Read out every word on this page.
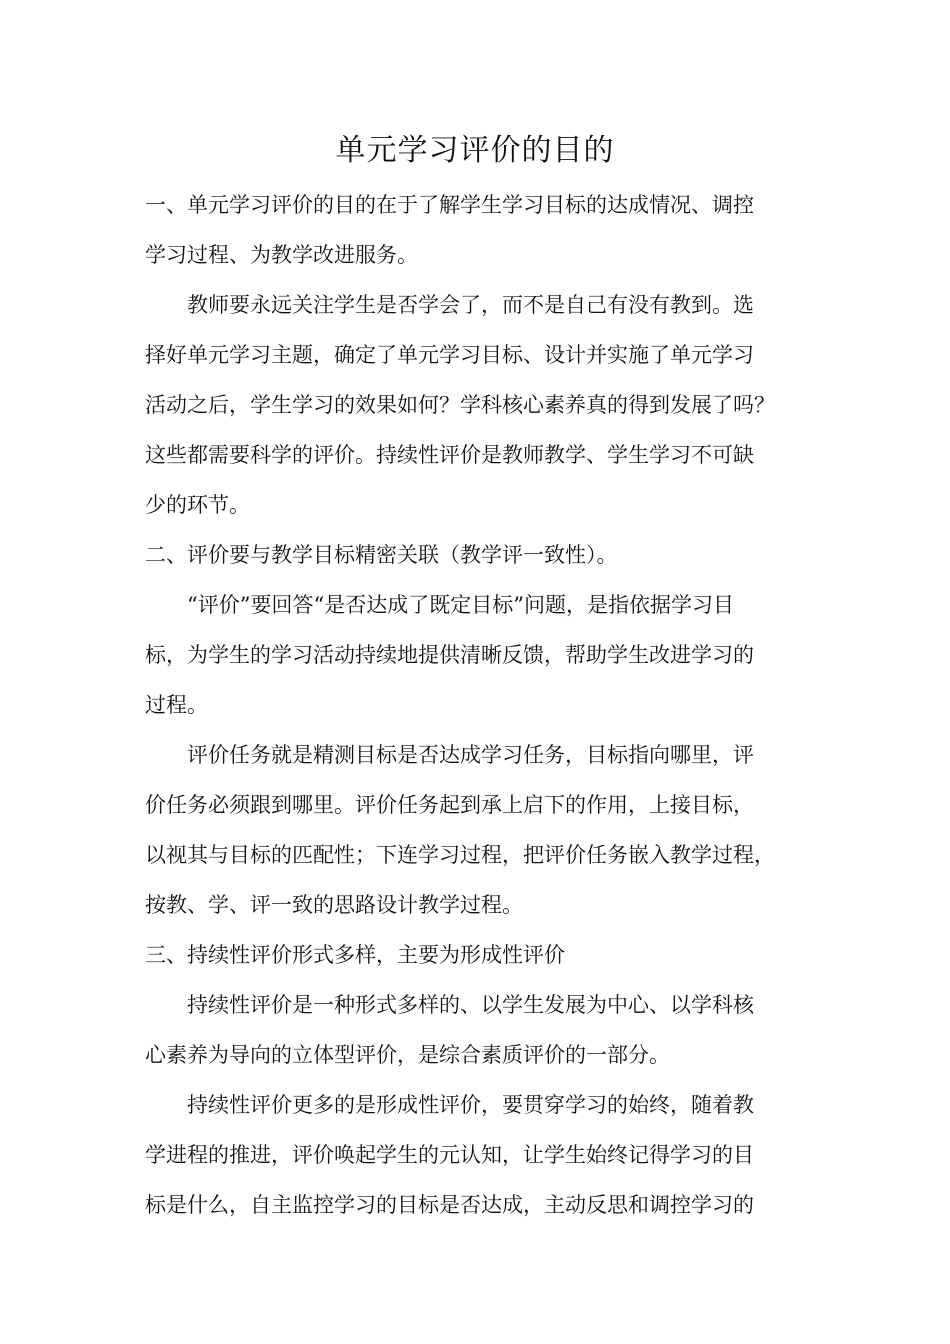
单元学习评价的目的
一、单元学习评价的目的在于了解学生学习目标的达成情况、调控
学习过程、为教学改进服务。
教师要永远关注学生是否学会了，而不是自己有没有教到。选
择好单元学习主题，确定了单元学习目标、设计并实施了单元学习
活动之后，学生学习的效果如何？学科核心素养真的得到发展了吗？
这些都需要科学的评价。持续性评价是教师教学、学生学习不可缺
少的环节。
二、评价要与教学目标精密关联（教学评一致性）。
“评价”要回答“是否达成了既定目标”问题，是指依据学习目
标，为学生的学习活动持续地提供清晰反馈，帮助学生改进学习的
过程。
评价任务就是精测目标是否达成学习任务，目标指向哪里，评
价任务必须跟到哪里。评价任务起到承上启下的作用，上接目标，
以视其与目标的匹配性；下连学习过程，把评价任务嵌入教学过程，
按教、学、评一致的思路设计教学过程。
三、持续性评价形式多样，主要为形成性评价
持续性评价是一种形式多样的、以学生发展为中心、以学科核
心素养为导向的立体型评价，是综合素质评价的一部分。
持续性评价更多的是形成性评价，要贯穿学习的始终，随着教
学进程的推进，评价唤起学生的元认知，让学生始终记得学习的目
标是什么，自主监控学习的目标是否达成，主动反思和调控学习的
